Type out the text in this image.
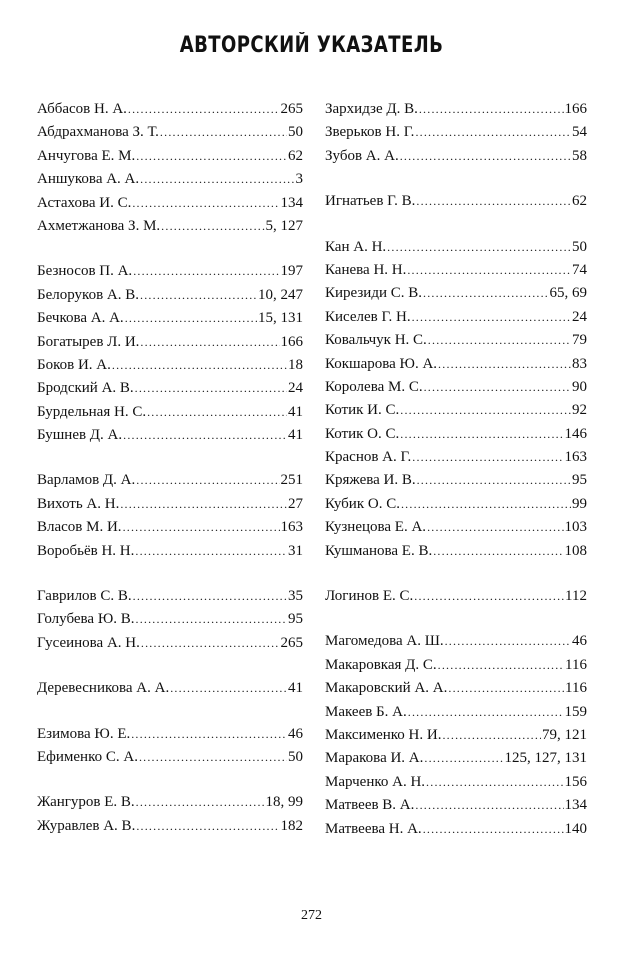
АВТОРСКИЙ УКАЗАТЕЛЬ
Аббасов Н. А. .....	265
Абдрахманова З. Т. .....	50
Анчугова Е. М. .....	62
Аншукова А. А. .....	3
Астахова И. С. .....	134
Ахметжанова З. М. .....	5, 127
Безносов П. А. .....	197
Белоруков А. В. .....	10, 247
Бечкова А. А. .....	15, 131
Богатырев Л. И. .....	166
Боков И. А. .....	18
Бродский А. В. .....	24
Бурдельная Н. С. .....	41
Бушнев Д. А. .....	41
Варламов Д. А. .....	251
Вихоть А. Н. .....	27
Власов М. И. .....	163
Воробьёв Н. Н. .....	31
Гаврилов С. В. .....	35
Голубева Ю. В. .....	95
Гусеинова А. Н. .....	265
Деревесникова А. А. .....	41
Езимова Ю. Е. .....	46
Ефименко С. А. .....	50
Жангуров Е. В. .....	18, 99
Журавлев А. В. .....	182
Зархидзе Д. В. .....	166
Зверьков Н. Г. .....	54
Зубов А. А. .....	58
Игнатьев Г. В. .....	62
Кан А. Н. .....	50
Канева Н. Н. .....	74
Кирезиди С. В. .....	65, 69
Киселев Г. Н. .....	24
Ковальчук Н. С. .....	79
Кокшарова Ю. А. .....	83
Королева М. С. .....	90
Котик И. С. .....	92
Котик О. С. .....	146
Краснов А. Г. .....	163
Кряжева И. В. .....	95
Кубик О. С. .....	99
Кузнецова Е. А. .....	103
Кушманова Е. В. .....	108
Логинов Е. С. .....	112
Магомедова А. Ш. .....	46
Макаровкая Д. С. .....	116
Макаровский А. А. .....	116
Макеев Б. А. .....	159
Максименко Н. И. .....	79, 121
Маракова И. А. .....	125, 127, 131
Марченко А. Н. .....	156
Матвеев В. А. .....	134
Матвеева Н. А. .....	140
272
